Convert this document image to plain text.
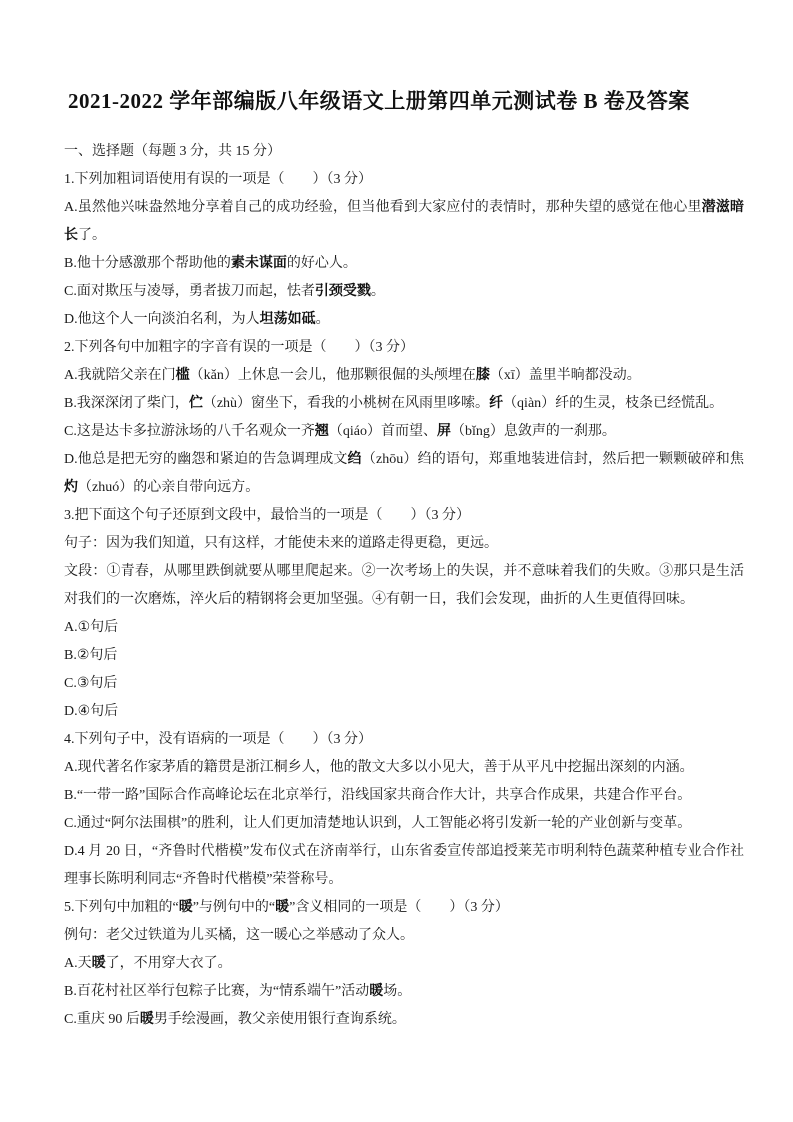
2021-2022 学年部编版八年级语文上册第四单元测试卷 B 卷及答案

一、选择题（每题 3 分，共 15 分）

1.下列加粗词语使用有误的一项是（　　）（3 分）

A.虽然他兴味盎然地分享着自己的成功经验，但当他看到大家应付的表情时，那种失望的感觉在他心里潜滋暗长了。

B.他十分感激那个帮助他的素未谋面的好心人。

C.面对欺压与凌辱，勇者拔刀而起，怯者引颈受戮。

D.他这个人一向淡泊名利，为人坦荡如砥。

2.下列各句中加粗字的字音有误的一项是（　　）（3 分）

A.我就陪父亲在门槛（kǎn）上休息一会儿，他那颗很倔的头颅埋在膝（xī）盖里半晌都没动。

B.我深深闭了柴门，伫（zhù）窗坐下，看我的小桃树在风雨里哆嗦。纤（qiàn）纤的生灵，枝条已经慌乱。

C.这是达卡多拉游泳场的八千名观众一齐翘（qiáo）首而望、屏（bǐng）息敛声的一刹那。

D.他总是把无穷的幽怨和紧迫的告急调理成文绉（zhōu）绉的语句，郑重地装进信封，然后把一颗颗破碎和焦灼（zhuó）的心亲自带向远方。

3.把下面这个句子还原到文段中，最恰当的一项是（　　）（3 分）

句子：因为我们知道，只有这样，才能使未来的道路走得更稳，更远。

文段：①青春，从哪里跌倒就要从哪里爬起来。②一次考场上的失误，并不意味着我们的失败。③那只是生活对我们的一次磨炼，淬火后的精钢将会更加坚强。④有朝一日，我们会发现，曲折的人生更值得回味。

A.①句后

B.②句后

C.③句后

D.④句后

4.下列句子中，没有语病的一项是（　　）（3 分）

A.现代著名作家茅盾的籍贯是浙江桐乡人，他的散文大多以小见大，善于从平凡中挖掘出深刻的内涵。

B.“一带一路”国际合作高峰论坛在北京举行，沿线国家共商合作大计，共享合作成果，共建合作平台。

C.通过“阿尔法围棋”的胜利，让人们更加清楚地认识到，人工智能必将引发新一轮的产业创新与变革。

D.4 月 20 日，“齐鲁时代楷模”发布仪式在济南举行，山东省委宣传部追授莱芜市明利特色蔬菜种植专业合作社理事长陈明利同志“齐鲁时代楷模”荣誉称号。

5.下列句中加粗的“暖”与例句中的“暖”含义相同的一项是（　　）（3 分）

例句：老父过铁道为儿买橘，这一暖心之举感动了众人。

A.天暖了，不用穿大衣了。

B.百花村社区举行包粽子比赛，为“情系端午”活动暖场。

C.重庆 90 后暖男手绘漫画，教父亲使用银行查询系统。
